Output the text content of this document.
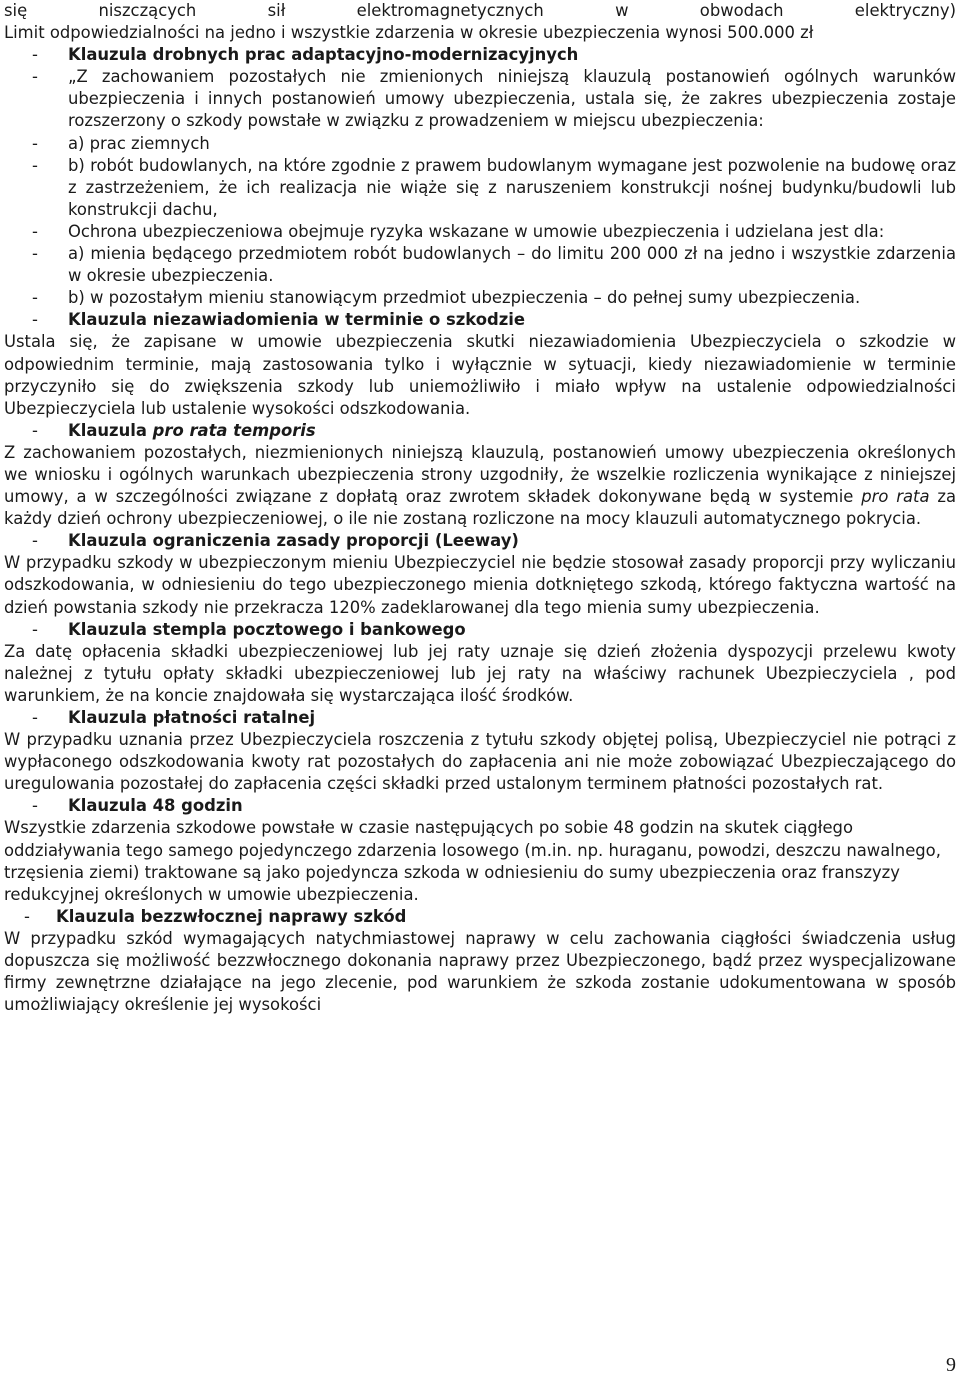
się niszczących sił elektromagnetycznych w obwodach elektryczny)

Limit odpowiedzialności na jedno i wszystkie zdarzenia w okresie ubezpieczenia wynosi 500.000 zł

-	Klauzula drobnych prac adaptacyjno-modernizacyjnych
-	„Z zachowaniem pozostałych nie zmienionych niniejszą klauzulą postanowień ogólnych warunków ubezpieczenia i innych postanowień umowy ubezpieczenia, ustala się, że zakres ubezpieczenia zostaje rozszerzony o szkody powstałe w związku z prowadzeniem w miejscu ubezpieczenia:
-	a) prac ziemnych
-	b) robót budowlanych, na które zgodnie z prawem budowlanym wymagane jest pozwolenie na budowę oraz z zastrzeżeniem, że ich realizacja nie wiąże się z naruszeniem konstrukcji nośnej budynku/budowli lub konstrukcji dachu,
-	Ochrona ubezpieczeniowa obejmuje ryzyka wskazane w umowie ubezpieczenia i udzielana jest dla:
-	a) mienia będącego przedmiotem robót budowlanych – do limitu 200 000 zł na jedno i wszystkie zdarzenia w okresie ubezpieczenia.
-	b) w pozostałym mieniu stanowiącym przedmiot ubezpieczenia – do pełnej sumy ubezpieczenia.
-	Klauzula niezawiadomienia w terminie o szkodzie

Ustala się, że zapisane w umowie ubezpieczenia skutki niezawiadomienia Ubezpieczyciela o szkodzie w odpowiednim terminie, mają zastosowania tylko i wyłącznie w sytuacji, kiedy niezawiadomienie w terminie przyczyniło się do zwiększenia szkody lub uniemożliwiło i miało wpływ na ustalenie odpowiedzialności Ubezpieczyciela lub ustalenie wysokości odszkodowania.

-	Klauzula pro rata temporis

Z zachowaniem pozostałych, niezmienionych niniejszą klauzulą, postanowień umowy ubezpieczenia określonych we wniosku i ogólnych warunkach ubezpieczenia strony uzgodniły, że wszelkie rozliczenia wynikające z niniejszej umowy, a w szczególności związane z dopłatą oraz zwrotem składek dokonywane będą w systemie pro rata za każdy dzień ochrony ubezpieczeniowej, o ile nie zostaną rozliczone na mocy klauzuli automatycznego pokrycia.

-	Klauzula ograniczenia zasady proporcji (Leeway)

W przypadku szkody w ubezpieczonym mieniu Ubezpieczyciel nie będzie stosował zasady proporcji przy wyliczaniu odszkodowania, w odniesieniu do tego ubezpieczonego mienia dotkniętego szkodą, którego faktyczna wartość na dzień powstania szkody nie przekracza 120% zadeklarowanej dla tego mienia sumy ubezpieczenia.

-	Klauzula stempla pocztowego i bankowego

Za datę opłacenia składki ubezpieczeniowej lub jej raty uznaje się dzień złożenia dyspozycji przelewu kwoty należnej z tytułu opłaty składki ubezpieczeniowej lub jej raty na właściwy rachunek Ubezpieczyciela , pod warunkiem, że na koncie znajdowała się wystarczająca ilość środków.

-	Klauzula płatności ratalnej

W przypadku uznania przez Ubezpieczyciela roszczenia z tytułu szkody objętej polisą, Ubezpieczyciel nie potrąci z wypłaconego odszkodowania kwoty rat pozostałych do zapłacenia ani nie może zobowiązać Ubezpieczającego do uregulowania pozostałej do zapłacenia części składki przed ustalonym terminem płatności pozostałych rat.

-	Klauzula 48 godzin

Wszystkie zdarzenia szkodowe powstałe w czasie następujących po sobie 48 godzin na skutek ciągłego oddziaływania tego samego pojedynczego zdarzenia losowego (m.in. np. huraganu, powodzi, deszczu nawalnego, trzęsienia ziemi) traktowane są jako pojedyncza szkoda w odniesieniu do sumy ubezpieczenia oraz franszyzy redukcyjnej określonych w umowie ubezpieczenia.

-	Klauzula bezzwłocznej naprawy szkód

W przypadku szkód wymagających natychmiastowej naprawy w celu zachowania ciągłości świadczenia usług dopuszcza się możliwość bezzwłocznego dokonania naprawy przez Ubezpieczonego, bądź przez wyspecjalizowane firmy zewnętrzne działające na jego zlecenie, pod warunkiem że szkoda zostanie udokumentowana w sposób umożliwiający określenie jej wysokości

9
